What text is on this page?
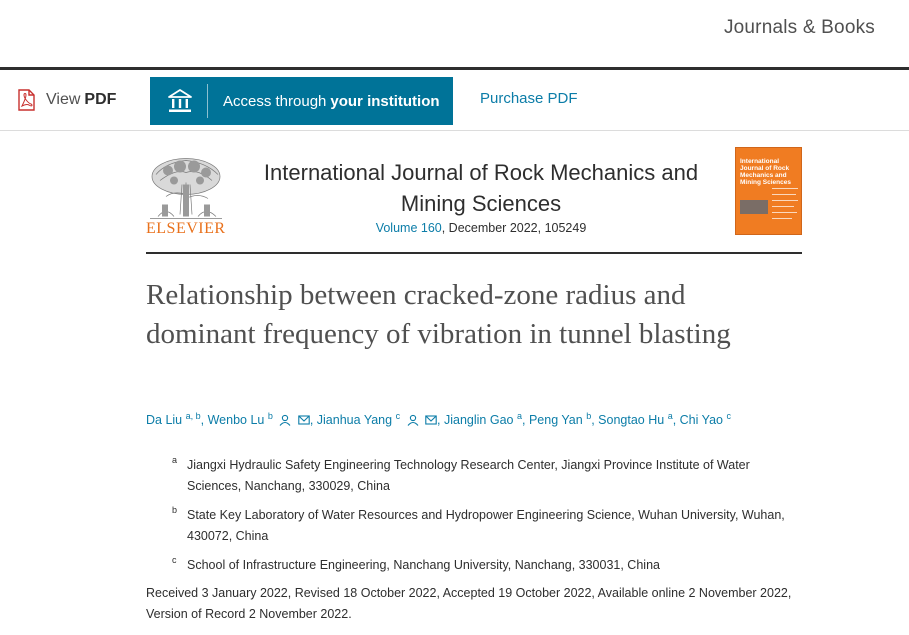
Journals & Books
View PDF	Access through your institution	Purchase PDF
ELSEVIER
International Journal of Rock Mechanics and Mining Sciences
Volume 160, December 2022, 105249
International Journal of Rock Mechanics and Mining Sciences
Relationship between cracked-zone radius and dominant frequency of vibration in tunnel blasting
Da Liu $^{a, b}$, Wenbo Lu $^b$	, Jianhua Yang $^c$	, Jianglin Gao $^a$, Peng Yan $^b$, Songtao Hu $^a$, Chi Yao $^c$
a Jiangxi Hydraulic Safety Engineering Technology Research Center, Jiangxi Province Institute of Water Sciences, Nanchang, 330029, China
b State Key Laboratory of Water Resources and Hydropower Engineering Science, Wuhan University, Wuhan, 430072, China
c School of Infrastructure Engineering, Nanchang University, Nanchang, 330031, China
Received 3 January 2022, Revised 18 October 2022, Accepted 19 October 2022, Available online 2 November 2022, Version of Record 2 November 2022.
